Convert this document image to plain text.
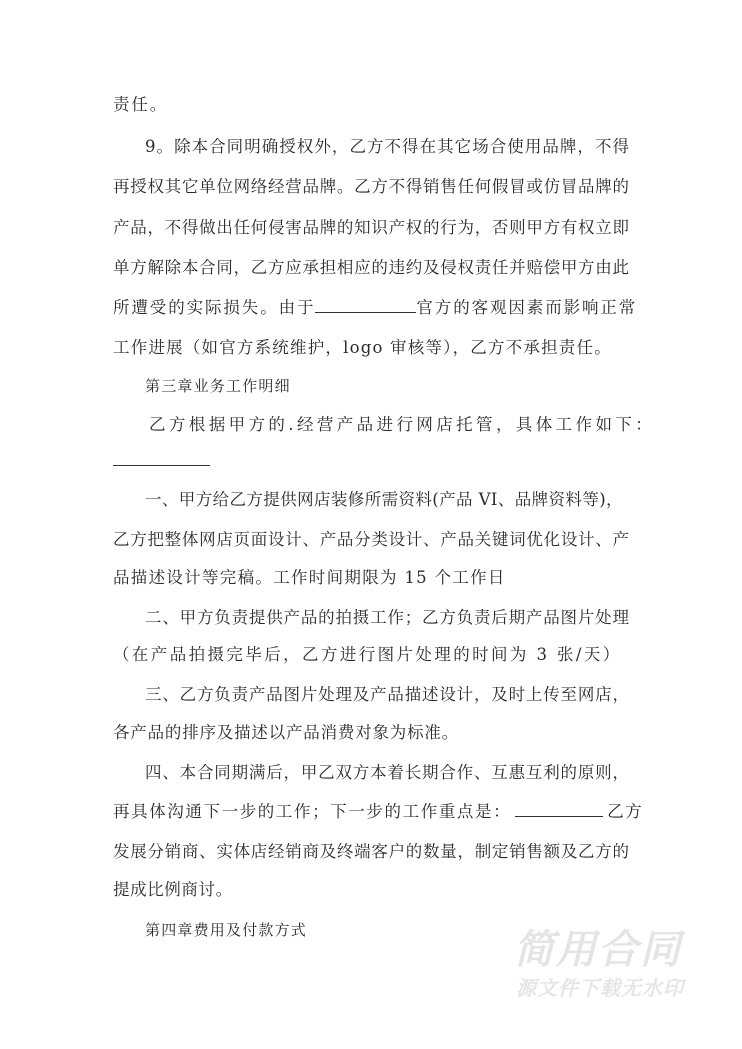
责任。
9。除本合同明确授权外，乙方不得在其它场合使用品牌，不得
再授权其它单位网络经营品牌。乙方不得销售任何假冒或仿冒品牌的
产品，不得做出任何侵害品牌的知识产权的行为，否则甲方有权立即
单方解除本合同，乙方应承担相应的违约及侵权责任并赔偿甲方由此
所遭受的实际损失。由于	官方的客观因素而影响正常
工作进展（如官方系统维护，logo 审核等），乙方不承担责任。
第三章业务工作明细
乙方根据甲方的.经营产品进行网店托管，具体工作如下：
一、甲方给乙方提供网店装修所需资料(产品 VI、品牌资料等)，
乙方把整体网店页面设计、产品分类设计、产品关键词优化设计、产
品描述设计等完稿。工作时间期限为 15 个工作日
二、甲方负责提供产品的拍摄工作；乙方负责后期产品图片处理
（在产品拍摄完毕后，乙方进行图片处理的时间为 3 张/天）
三、乙方负责产品图片处理及产品描述设计，及时上传至网店，
各产品的排序及描述以产品消费对象为标准。
四、本合同期满后，甲乙双方本着长期合作、互惠互利的原则，
再具体沟通下一步的工作；下一步的工作重点是：	乙方
发展分销商、实体店经销商及终端客户的数量，制定销售额及乙方的
提成比例商讨。
第四章费用及付款方式	简用合同
源文件下载无水印
